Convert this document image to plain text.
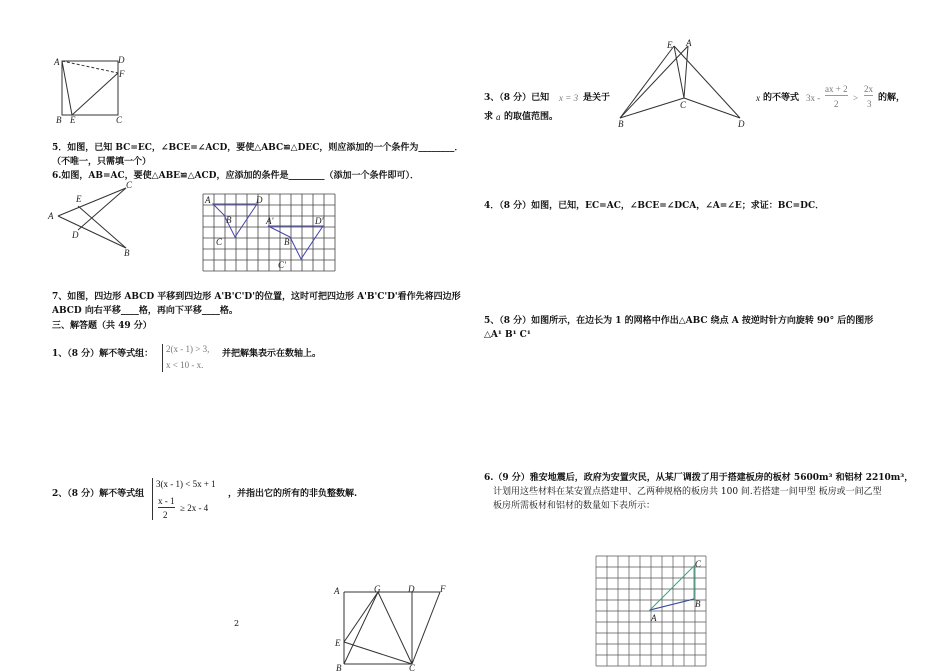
A	D
F
B E	C
5．如图，已知 BC=EC，∠BCE=∠ACD，要使△ABC≌△DEC，则应添加的一个条件为________．
（不唯一，只需填一个）
6.如图，AB=AC，要使△ABE≌△ACD，应添加的条件是________（添加一个条件即可）．
A
C
E
D
B
A	D
B
C
A'	D'
B'
C'
7、如图，四边形 ABCD 平移到四边形 A'B'C'D'的位置，这时可把四边形 A'B'C'D'看作先将四边形
ABCD 向右平移____格，再向下平移____格。
三、解答题（共 49 分）
1、（8 分）解不等式组： 2(x - 1) > 3,
x < 10 - x.
并把解集表示在数轴上。
2、（8 分）解不等式组
3(x - 1) < 5x + 1
x - 1
2
≥ 2x - 4
，并指出它的所有的非负整数解.
2
A	G	D	F
E
B	C
3、（8 分）已知 x = 3 是关于
E A
C
B	D
x 的不等式 3x -
ax + 2
2
>
2x
3
的解，
求 a 的取值范围。
4．（8 分）如图，已知，EC=AC，∠BCE=∠DCA，∠A=∠E；求证：BC=DC．
5、（8 分）如图所示，在边长为 1 的网格中作出△ABC 绕点 A 按逆时针方向旋转 90° 后的图形
△A¹ B¹ C¹
6.（9 分）雅安地震后，政府为安置灾民，从某厂调拨了用于搭建板房的板材 5600m³ 和铝材 2210m³，
计划用这些材料在某安置点搭建甲、乙两种规格的板房共 100 间.若搭建一间甲型 板房或一间乙型
板房所需板材和铝材的数量如下表所示：
A
B
C
